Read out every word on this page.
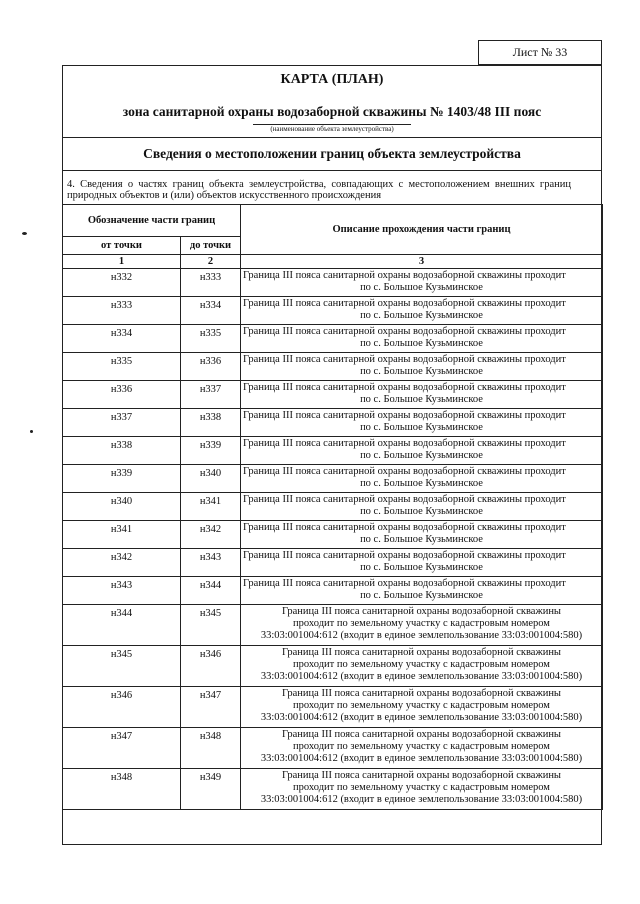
Лист № 33
КАРТА (ПЛАН)
зона санитарной охраны водозаборной скважины № 1403/48 III пояс
(наименование объекта землеустройства)
Сведения о местоположении границ объекта землеустройства
4. Сведения о частях границ объекта землеустройства, совпадающих с местоположением внешних границ природных объектов и (или) объектов искусственного происхождения
Обозначение части границ		Описание прохождения части границ
от точки	до точки	
1	2	3
н332	н333	Граница III пояса санитарной охраны водозаборной скважины проходит
по с. Большое Кузьминское

н333	н334	Граница III пояса санитарной охраны водозаборной скважины проходит
по с. Большое Кузьминское

н334	н335	Граница III пояса санитарной охраны водозаборной скважины проходит
по с. Большое Кузьминское

н335	н336	Граница III пояса санитарной охраны водозаборной скважины проходит
по с. Большое Кузьминское

н336	н337	Граница III пояса санитарной охраны водозаборной скважины проходит
по с. Большое Кузьминское

н337	н338	Граница III пояса санитарной охраны водозаборной скважины проходит
по с. Большое Кузьминское

н338	н339	Граница III пояса санитарной охраны водозаборной скважины проходит
по с. Большое Кузьминское

н339	н340	Граница III пояса санитарной охраны водозаборной скважины проходит
по с. Большое Кузьминское

н340	н341	Граница III пояса санитарной охраны водозаборной скважины проходит
по с. Большое Кузьминское

н341	н342	Граница III пояса санитарной охраны водозаборной скважины проходит
по с. Большое Кузьминское

н342	н343	Граница III пояса санитарной охраны водозаборной скважины проходит
по с. Большое Кузьминское

н343	н344	Граница III пояса санитарной охраны водозаборной скважины проходит
по с. Большое Кузьминское

н344	н345	Граница III пояса санитарной охраны водозаборной скважины
проходит по земельному участку с кадастровым номером
33:03:001004:612 (входит в единое землепользование 33:03:001004:580)

н345	н346	Граница III пояса санитарной охраны водозаборной скважины
проходит по земельному участку с кадастровым номером
33:03:001004:612 (входит в единое землепользование 33:03:001004:580)

н346	н347	Граница III пояса санитарной охраны водозаборной скважины
проходит по земельному участку с кадастровым номером
33:03:001004:612 (входит в единое землепользование 33:03:001004:580)

н347	н348	Граница III пояса санитарной охраны водозаборной скважины
проходит по земельному участку с кадастровым номером
33:03:001004:612 (входит в единое землепользование 33:03:001004:580)

н348	н349	Граница III пояса санитарной охраны водозаборной скважины
проходит по земельному участку с кадастровым номером
33:03:001004:612 (входит в единое землепользование 33:03:001004:580)
